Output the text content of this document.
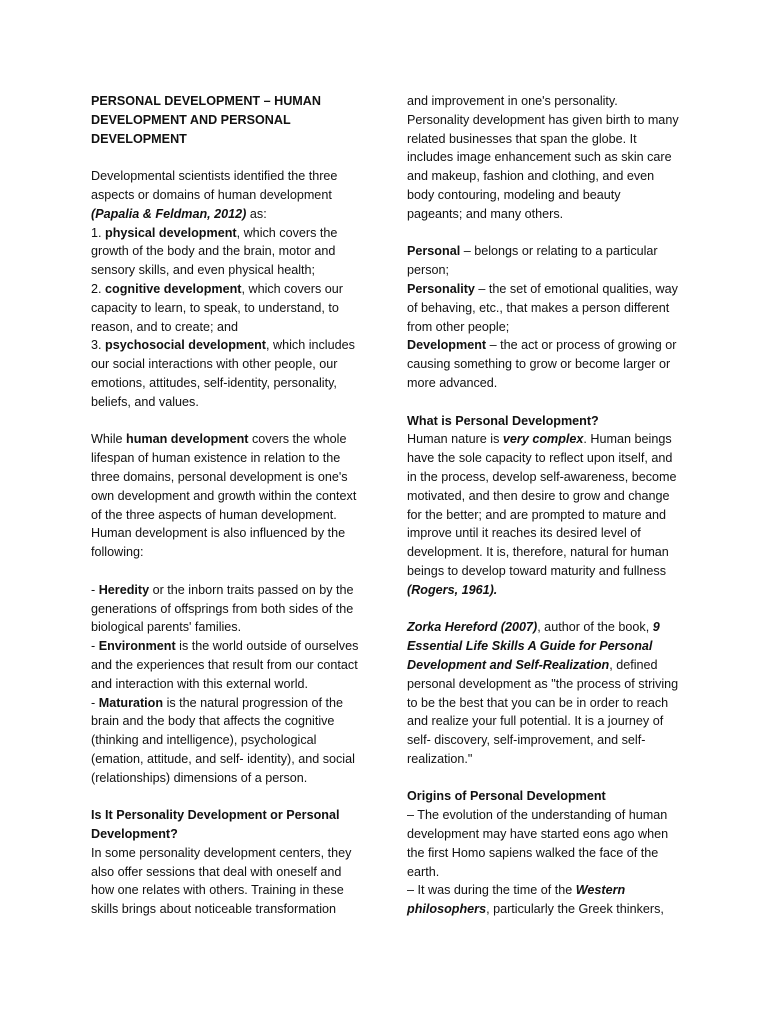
PERSONAL DEVELOPMENT – HUMAN DEVELOPMENT AND PERSONAL DEVELOPMENT

Developmental scientists identified the three aspects or domains of human development (Papalia & Feldman, 2012) as:

1. physical development, which covers the growth of the body and the brain, motor and sensory skills, and even physical health;

2. cognitive development, which covers our capacity to learn, to speak, to understand, to reason, and to create; and

3. psychosocial development, which includes our social interactions with other people, our emotions, attitudes, self-identity, personality, beliefs, and values.

While human development covers the whole lifespan of human existence in relation to the three domains, personal development is one's own development and growth within the context of the three aspects of human development. Human development is also influenced by the following:

- Heredity or the inborn traits passed on by the generations of offsprings from both sides of the biological parents' families.

- Environment is the world outside of ourselves and the experiences that result from our contact and interaction with this external world.

- Maturation is the natural progression of the brain and the body that affects the cognitive (thinking and intelligence), psychological (emation, attitude, and self- identity), and social (relationships) dimensions of a person.

Is It Personality Development or Personal Development?

In some personality development centers, they also offer sessions that deal with oneself and how one relates with others. Training in these skills brings about noticeable transformation

and improvement in one's personality. Personality development has given birth to many related businesses that span the globe. It includes image enhancement such as skin care and makeup, fashion and clothing, and even body contouring, modeling and beauty pageants; and many others.

Personal – belongs or relating to a particular person;

Personality – the set of emotional qualities, way of behaving, etc., that makes a person different from other people;

Development – the act or process of growing or causing something to grow or become larger or more advanced.

What is Personal Development?

Human nature is very complex. Human beings have the sole capacity to reflect upon itself, and in the process, develop self-awareness, become motivated, and then desire to grow and change for the better; and are prompted to mature and improve until it reaches its desired level of development. It is, therefore, natural for human beings to develop toward maturity and fullness (Rogers, 1961).

Zorka Hereford (2007), author of the book, 9 Essential Life Skills A Guide for Personal Development and Self-Realization, defined personal development as "the process of striving to be the best that you can be in order to reach and realize your full potential. It is a journey of self- discovery, self-improvement, and self-realization."

Origins of Personal Development

– The evolution of the understanding of human development may have started eons ago when the first Homo sapiens walked the face of the earth.

– It was during the time of the Western philosophers, particularly the Greek thinkers,
